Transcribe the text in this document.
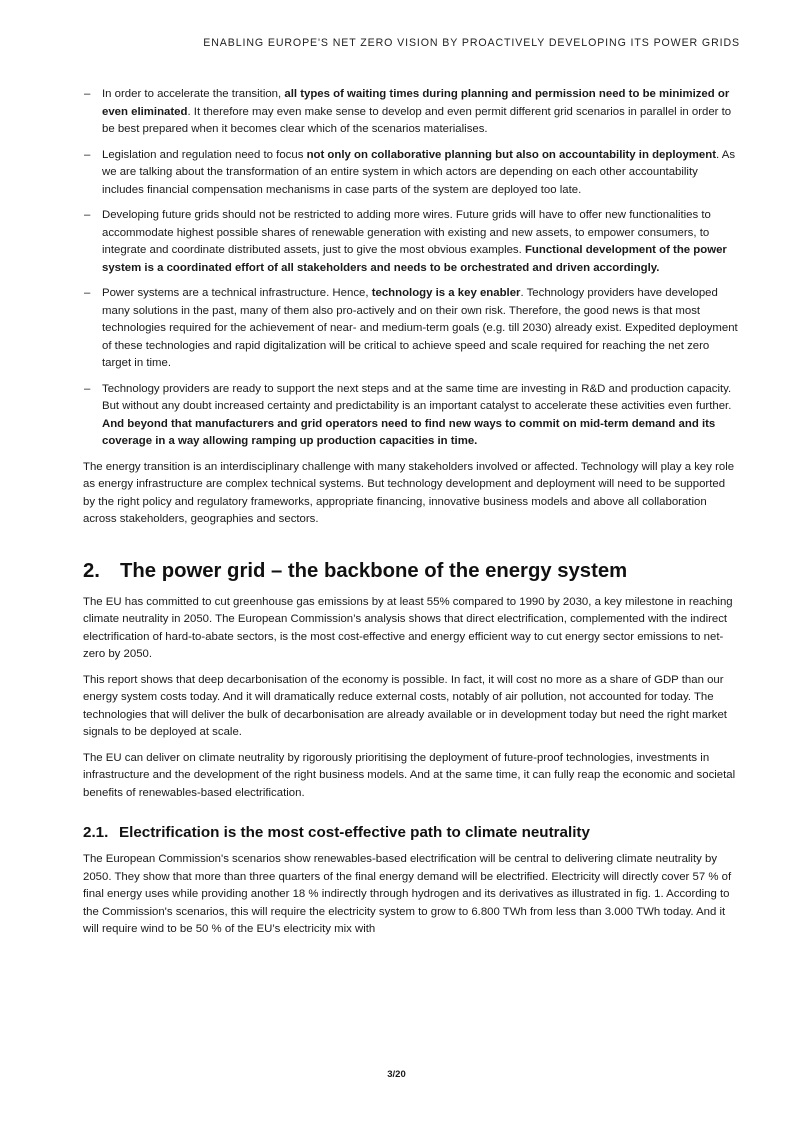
ENABLING EUROPE'S NET ZERO VISION BY PROACTIVELY DEVELOPING ITS POWER GRIDS
– In order to accelerate the transition, all types of waiting times during planning and permission need to be minimized or even eliminated. It therefore may even make sense to develop and even permit different grid scenarios in parallel in order to be best prepared when it becomes clear which of the scenarios materialises.
– Legislation and regulation need to focus not only on collaborative planning but also on accountability in deployment. As we are talking about the transformation of an entire system in which actors are depending on each other accountability includes financial compensation mechanisms in case parts of the system are deployed too late.
– Developing future grids should not be restricted to adding more wires. Future grids will have to offer new functionalities to accommodate highest possible shares of renewable generation with existing and new assets, to empower consumers, to integrate and coordinate distributed assets, just to give the most obvious examples. Functional development of the power system is a coordinated effort of all stakeholders and needs to be orchestrated and driven accordingly.
– Power systems are a technical infrastructure. Hence, technology is a key enabler. Technology providers have developed many solutions in the past, many of them also pro-actively and on their own risk. Therefore, the good news is that most technologies required for the achievement of near- and medium-term goals (e.g. till 2030) already exist. Expedited deployment of these technologies and rapid digitalization will be critical to achieve speed and scale required for reaching the net zero target in time.
– Technology providers are ready to support the next steps and at the same time are investing in R&D and production capacity. But without any doubt increased certainty and predictability is an important catalyst to accelerate these activities even further. And beyond that manufacturers and grid operators need to find new ways to commit on mid-term demand and its coverage in a way allowing ramping up production capacities in time.

The energy transition is an interdisciplinary challenge with many stakeholders involved or affected. Technology will play a key role as energy infrastructure are complex technical systems. But technology development and deployment will need to be supported by the right policy and regulatory frameworks, appropriate financing, innovative business models and above all collaboration across stakeholders, geographies and sectors.

2. The power grid – the backbone of the energy system

The EU has committed to cut greenhouse gas emissions by at least 55% compared to 1990 by 2030, a key milestone in reaching climate neutrality in 2050. The European Commission’s analysis shows that direct electrification, complemented with the indirect electrification of hard-to-abate sectors, is the most cost-effective and energy efficient way to cut energy sector emissions to net-zero by 2050.

This report shows that deep decarbonisation of the economy is possible. In fact, it will cost no more as a share of GDP than our energy system costs today. And it will dramatically reduce external costs, notably of air pollution, not accounted for today. The technologies that will deliver the bulk of decarbonisation are already available or in development today but need the right market signals to be deployed at scale.

The EU can deliver on climate neutrality by rigorously prioritising the deployment of future-proof technologies, investments in infrastructure and the development of the right business models. And at the same time, it can fully reap the economic and societal benefits of renewables-based electrification.

2.1. Electrification is the most cost-effective path to climate neutrality

The European Commission's scenarios show renewables-based electrification will be central to delivering climate neutrality by 2050. They show that more than three quarters of the final energy demand will be electrified. Electricity will directly cover 57 % of final energy uses while providing another 18 % indirectly through hydrogen and its derivatives as illustrated in fig. 1. According to the Commission's scenarios, this will require the electricity system to grow to 6.800 TWh from less than 3.000 TWh today. And it will require wind to be 50 % of the EU’s electricity mix with

3/20
